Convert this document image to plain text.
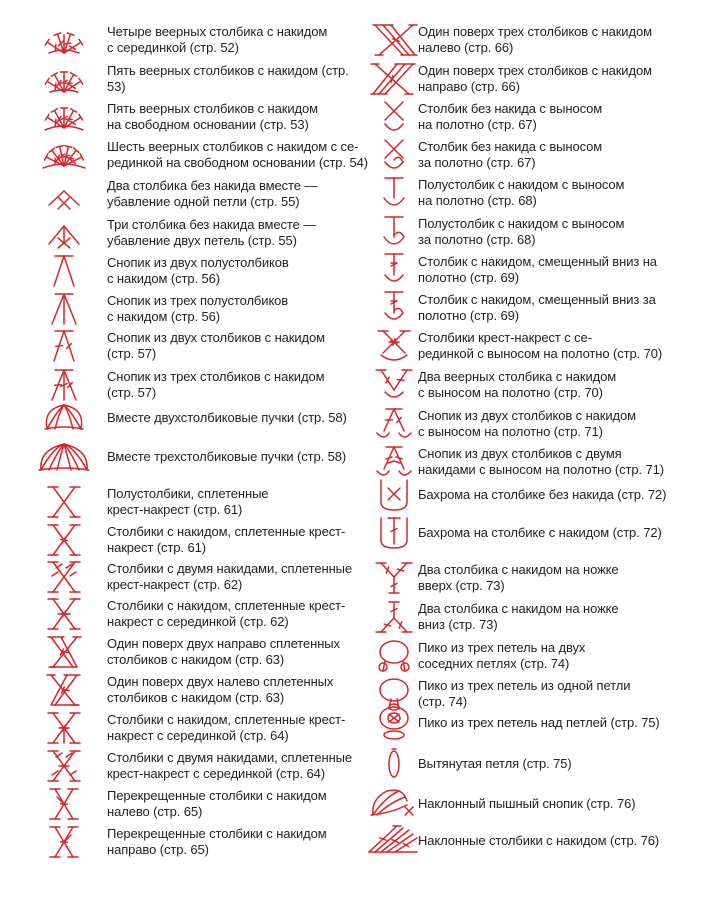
Четыре веерных столбика с накидом
с серединкой (стр. 52)
Пять веерных столбиков с накидом (стр.
53)
Пять веерных столбиков с накидом
на свободном основании (стр. 53)
Шесть веерных столбиков с накидом с се-
рединкой на свободном основании (стр. 54)
Два столбика без накида вместе —
убавление одной петли (стр. 55)
Три столбика без накида вместе —
убавление двух петель (стр. 55)
Снопик из двух полустолбиков
с накидом (стр. 56)
Снопик из трех полустолбиков
с накидом (стр. 56)
Снопик из двух столбиков с накидом
(стр. 57)
Снопик из трех столбиков с накидом
(стр. 57)
Вместе двухстолбиковые пучки (стр. 58)
Вместе трехстолбиковые пучки (стр. 58)
Полустолбики, сплетенные
крест-накрест (стр. 61)
Столбики с накидом, сплетенные крест-
накрест (стр. 61)
Столбики с двумя накидами, сплетенные
крест-накрест (стр. 62)
Столбики с накидом, сплетенные крест-
накрест с серединкой (стр. 62)
Один поверх двух направо сплетенных
столбиков с накидом (стр. 63)
Один поверх двух налево сплетенных
столбиков с накидом (стр. 63)
Столбики с накидом, сплетенные крест-
накрест с серединкой (стр. 64)
Столбики с двумя накидами, сплетенные
крест-накрест с серединкой (стр. 64)
Перекрещенные столбики с накидом
налево (стр. 65)
Перекрещенные столбики с накидом
направо (стр. 65)
Один поверх трех столбиков с накидом
налево (стр. 66)
Один поверх трех столбиков с накидом
направо (стр. 66)
Столбик без накида с выносом
на полотно (стр. 67)
Столбик без накида с выносом
за полотно (стр. 67)
Полустолбик с накидом с выносом
на полотно (стр. 68)
Полустолбик с накидом с выносом
за полотно (стр. 68)
Столбик с накидом, смещенный вниз на
полотно (стр. 69)
Столбик с накидом, смещенный вниз за
полотно (стр. 69)
Столбики крест-накрест с се-
рединкой с выносом на полотно (стр. 70)
Два веерных столбика с накидом
с выносом на полотно (стр. 70)
Снопик из двух столбиков с накидом
с выносом на полотно (стр. 71)
Снопик из двух столбиков с двумя
накидами с выносом на полотно (стр. 71)
Бахрома на столбике без накида (стр. 72)
Бахрома на столбике с накидом (стр. 72)
Два столбика с накидом на ножке
вверх (стр. 73)
Два столбика с накидом на ножке
вниз (стр. 73)
Пико из трех петель на двух
соседних петлях (стр. 74)
Пико из трех петель из одной петли
(стр. 74)
Пико из трех петель над петлей (стр. 75)
Вытянутая петля (стр. 75)
Наклонный пышный снопик (стр. 76)
Наклонные столбики с накидом (стр. 76)
